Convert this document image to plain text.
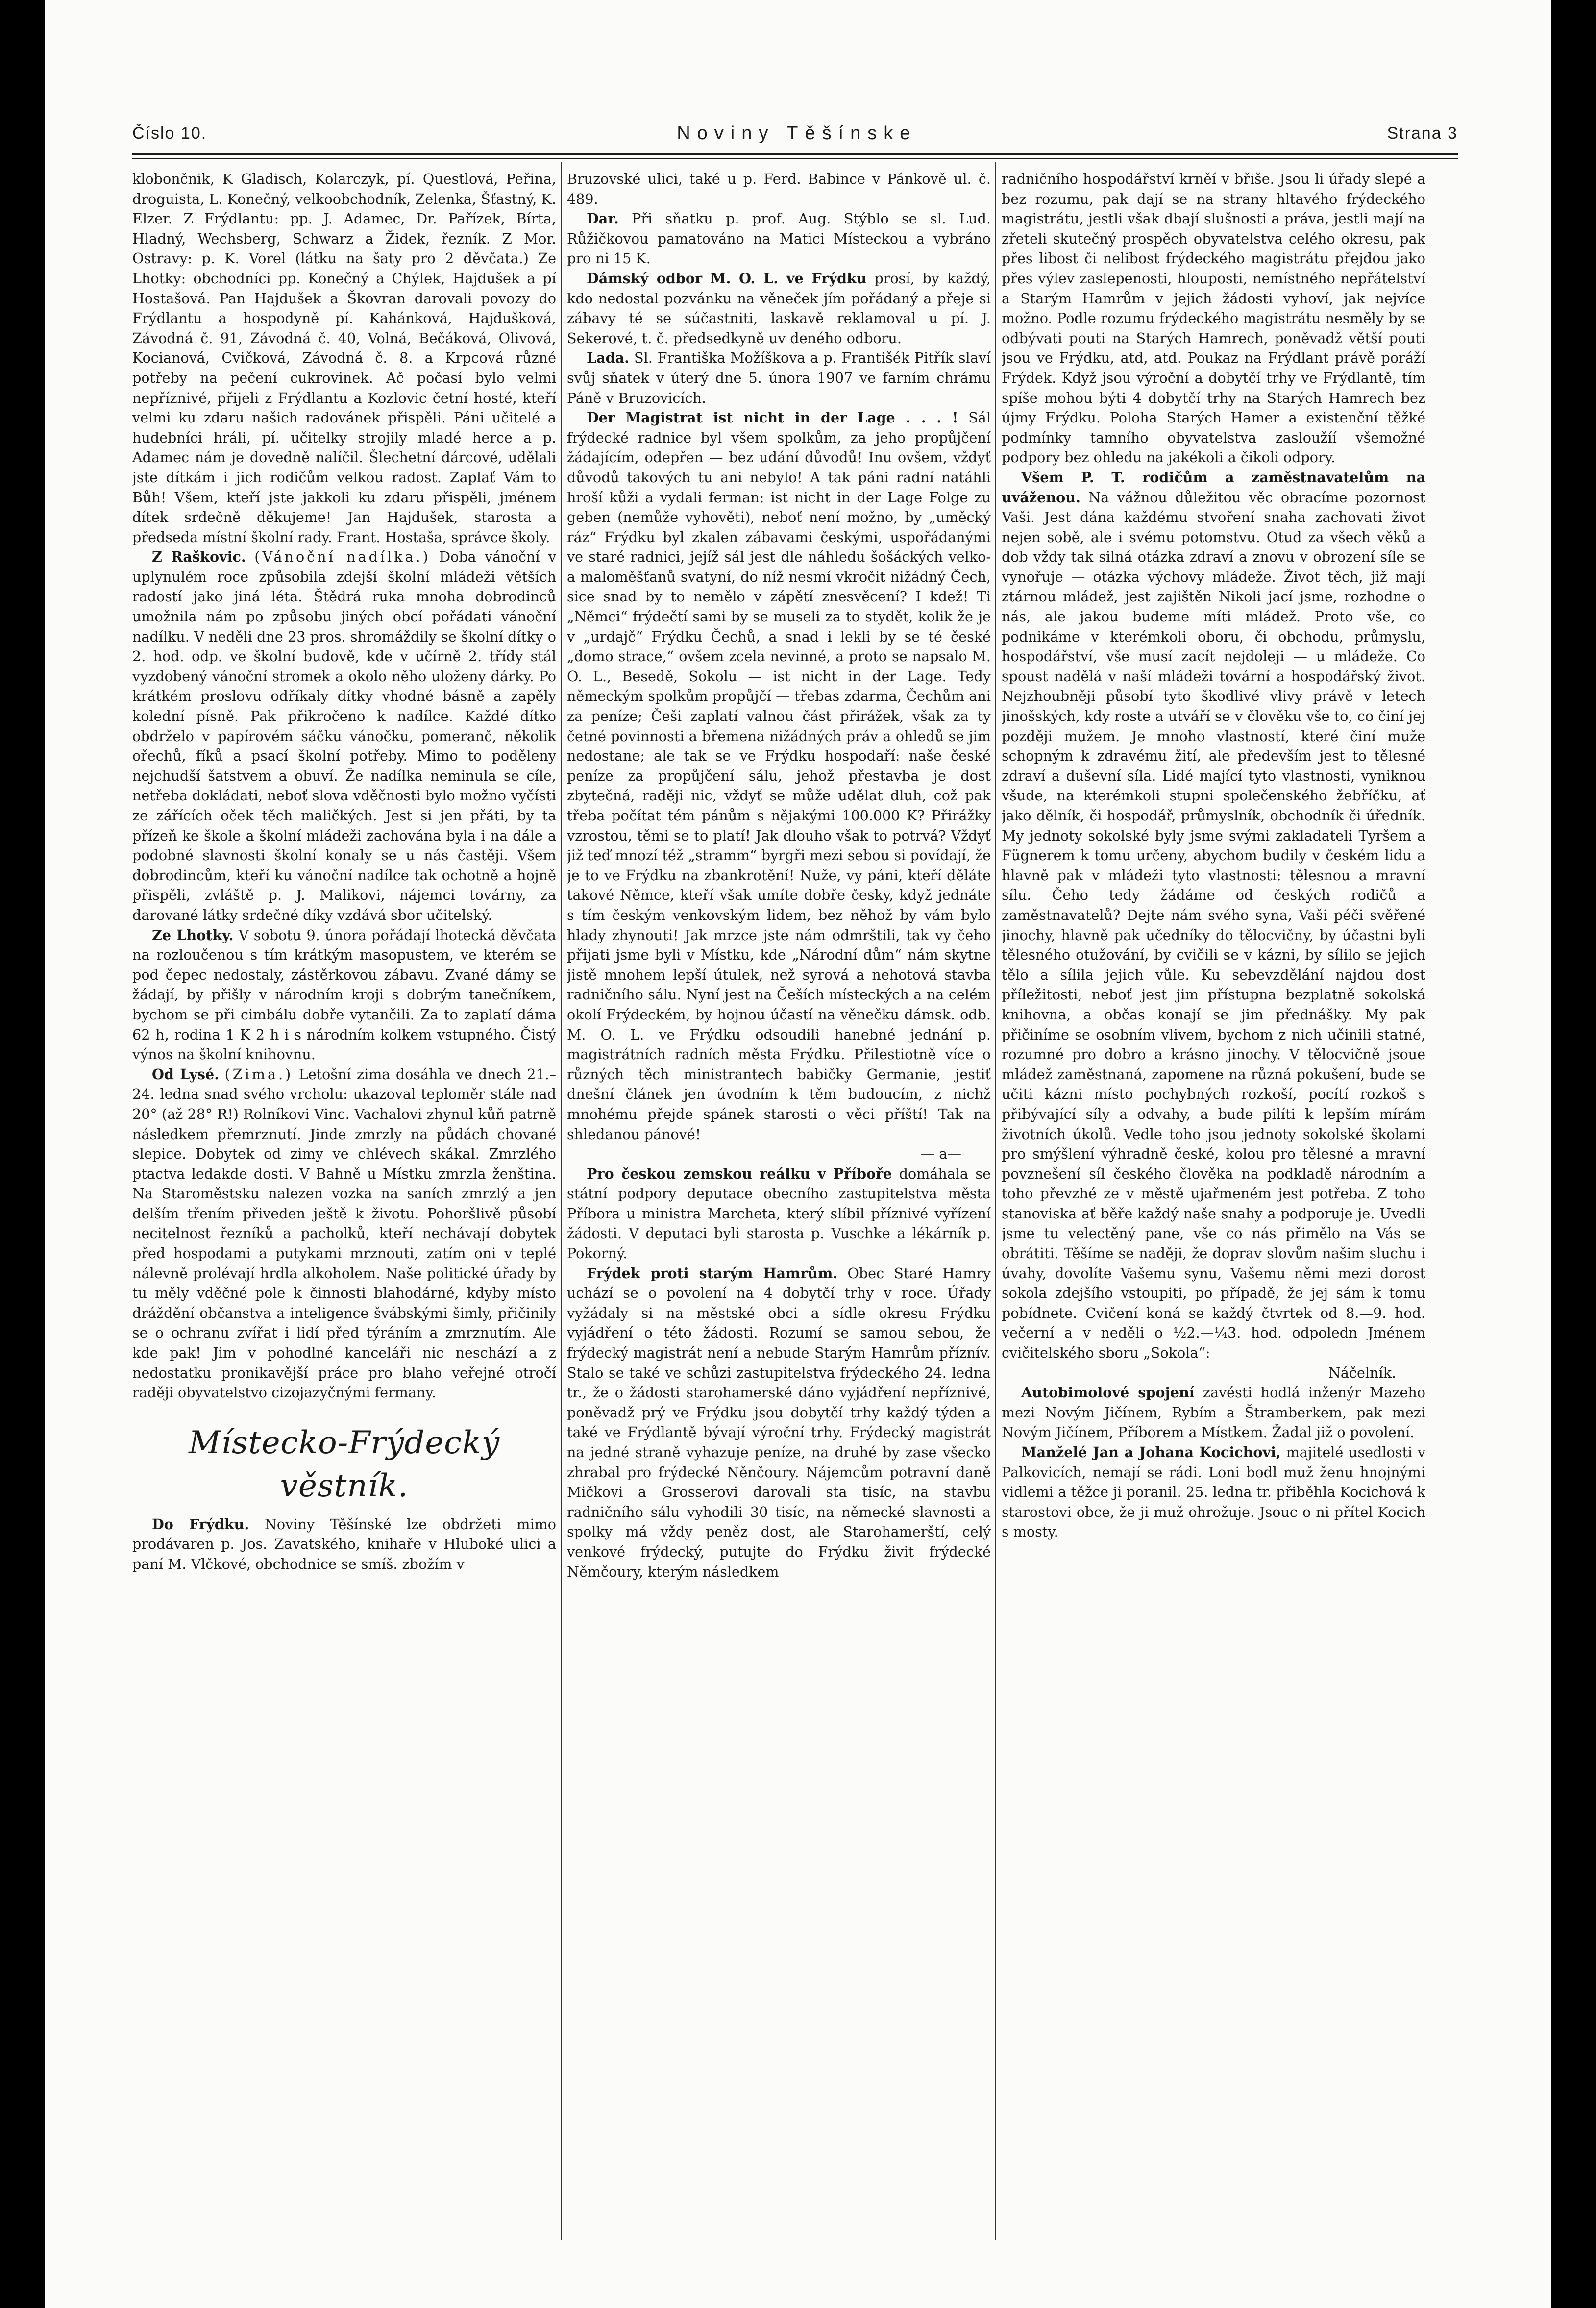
Číslo 10.	Noviny Těšínske	Strana 3

klobončnik, K Gladisch, Kolarczyk, pí. Questlová, Peřina, droguista, L. Konečný, velkoobchodník, Zelenka, Šťastný, K. Elzer. Z Frýdlantu: pp. J. Adamec, Dr. Pařízek, Bírta, Hladný, Wechsberg, Schwarz a Židek, řezník. Z Mor. Ostravy: p. K. Vorel (látku na šaty pro 2 děvčata.) Ze Lhotky: obchodníci pp. Konečný a Chýlek, Hajdušek a pí Hostašová. Pan Hajdušek a Škovran darovali povozy do Frýdlantu a hospodyně pí. Kahánková, Hajdušková, Závodná č. 91, Závodná č. 40, Volná, Bečáková, Olivová, Kocianová, Cvičková, Závodná č. 8. a Krpcová různé potřeby na pečení cukrovinek. Ač počasí bylo velmi nepříznivé, přijeli z Frýdlantu a Kozlovic četní hosté, kteří velmi ku zdaru našich radovánek přispěli. Páni učitelé a hudebníci hráli, pí. učitelky strojily mladé herce a p. Adamec nám je dovedně nalíčil. Šlechetní dárcové, udělali jste dítkám i jich rodičům velkou radost. Zaplať Vám to Bůh! Všem, kteří jste jakkoli ku zdaru přispěli, jménem dítek srdečně děkujeme! Jan Hajdušek, starosta a předseda místní školní rady. Frant. Hostaša, správce školy.

Z Raškovic. (Vánoční nadílka.) Doba vánoční v uplynulém roce způsobila zdejší školní mládeži větších radostí jako jiná léta. Štědrá ruka mnoha dobrodinců umožnila nám po způsobu jiných obcí pořádati vánoční nadílku. V neděli dne 23 pros. shromáždily se školní dítky o 2. hod. odp. ve školní budově, kde v učírně 2. třídy stál vyzdobený vánoční stromek a okolo něho uloženy dárky. Po krátkém proslovu odříkaly dítky vhodné básně a zapěly kolední písně. Pak přikročeno k nadílce. Každé dítko obdrželo v papírovém sáčku vánočku, pomeranč, několik ořechů, fíků a psací školní potřeby. Mimo to poděleny nejchudší šatstvem a obuví. Že nadílka neminula se cíle, netřeba dokládati, neboť slova vděčnosti bylo možno vyčísti ze zářících oček těch maličkých. Jest si jen přáti, by ta přízeň ke škole a školní mládeži zachována byla i na dále a podobné slavnosti školní konaly se u nás častěji. Všem dobrodincům, kteří ku vánoční nadílce tak ochotně a hojně přispěli, zvláště p. J. Malikovi, nájemci továrny, za darované látky srdečné díky vzdává sbor učitelský.

Ze Lhotky. V sobotu 9. února pořádají lhotecká děvčata na rozloučenou s tím krátkým masopustem, ve kterém se pod čepec nedostaly, zástěrkovou zábavu. Zvané dámy se žádají, by přišly v národním kroji s dobrým tanečníkem, bychom se při cimbálu dobře vytančili. Za to zaplatí dáma 62 h, rodina 1 K 2 h i s národním kolkem vstupného. Čistý výnos na školní knihovnu.

Od Lysé. (Zima.) Letošní zima dosáhla ve dnech 21.–24. ledna snad svého vrcholu: ukazoval teploměr stále nad 20° (až 28° R!) Rolníkovi Vinc. Vachalovi zhynul kůň patrně následkem přemrznutí. Jinde zmrzly na půdách chované slepice. Dobytek od zimy ve chlévech skákal. Zmrzlého ptactva ledakde dosti. V Bahně u Místku zmrzla ženština. Na Staroměstsku nalezen vozka na saních zmrzlý a jen delším třením přiveden ještě k životu. Pohoršlivě působí necitelnost řezníků a pacholků, kteří nechávají dobytek před hospodami a putykami mrznouti, zatím oni v teplé nálevně prolévají hrdla alkoholem. Naše politické úřady by tu měly vděčné pole k činnosti blahodárné, kdyby místo dráždění občanstva a inteligence švábskými šimly, přičinily se o ochranu zvířat i lidí před týráním a zmrznutím. Ale kde pak! Jim v pohodlné kanceláři nic neschází a z nedostatku pronikavější práce pro blaho veřejné otročí raději obyvatelstvo cizojazyčnými fermany.

Místecko-Frýdecký věstník.

Do Frýdku. Noviny Těšínské lze obdržeti mimo prodávaren p. Jos. Zavatského, knihaře v Hluboké ulici a paní M. Vlčkové, obchodnice se smíš. zbožím v

Bruzovské ulici, také u p. Ferd. Babince v Pánkově ul. č. 489.

Dar. Při sňatku p. prof. Aug. Stýblo se sl. Lud. Růžičkovou pamatováno na Matici Místeckou a vybráno pro ni 15 K.

Dámský odbor M. O. L. ve Frýdku prosí, by každý, kdo nedostal pozvánku na věneček jím pořádaný a přeje si zábavy té se súčastniti, laskavě reklamoval u pí. J. Sekerové, t. č. předsedkyně uv deného odboru.

Lada. Sl. Františka Možíškova a p. Františék Pitřík slaví svůj sňatek v úterý dne 5. února 1907 ve farním chrámu Páně v Bruzovicích.

Der Magistrat ist nicht in der Lage . . . ! Sál frýdecké radnice byl všem spolkům, za jeho propůjčení žádajícím, odepřen — bez udání důvodů! Inu ovšem, vždyť důvodů takových tu ani nebylo! A tak páni radní natáhli hroší kůži a vydali ferman: ist nicht in der Lage Folge zu geben (nemůže vyhověti), neboť není možno, by „uměcký ráz“ Frýdku byl zkalen zábavami českými, uspořádanými ve staré radnici, jejíž sál jest dle náhledu šošáckých velko- a maloměšťanů svatyní, do níž nesmí vkročit nižádný Čech, sice snad by to nemělo v zápětí znesvěcení? I kdež! Ti „Němci“ frýdečtí sami by se museli za to stydět, kolik že je v „urdajč“ Frýdku Čechů, a snad i lekli by se té české „domo strace,“ ovšem zcela nevinné, a proto se napsalo M. O. L., Besedě, Sokolu — ist nicht in der Lage. Tedy německým spolkům propůjčí — třebas zdarma, Čechům ani za peníze; Češi zaplatí valnou část přirážek, však za ty četné povinnosti a břemena nižádných práv a ohledů se jim nedostane; ale tak se ve Frýdku hospodaří: naše české peníze za propůjčení sálu, jehož přestavba je dost zbytečná, raději nic, vždyť se může udělat dluh, což pak třeba počítat tém pánům s nějakými 100.000 K? Přirážky vzrostou, těmi se to platí! Jak dlouho však to potrvá? Vždyť již teď mnozí též „stramm“ byrgři mezi sebou si povídají, že je to ve Frýdku na zbankrotění! Nuže, vy páni, kteří děláte takové Němce, kteří však umíte dobře česky, když jednáte s tím českým venkovským lidem, bez něhož by vám bylo hlady zhynouti! Jak mrzce jste nám odmrštili, tak vy čeho přijati jsme byli v Místku, kde „Národní dům“ nám skytne jistě mnohem lepší útulek, než syrová a nehotová stavba radničního sálu. Nyní jest na Češích místeckých a na celém okolí Frýdeckém, by hojnou účastí na věnečku dámsk. odb. M. O. L. ve Frýdku odsoudili hanebné jednání p. magistrátních radních města Frýdku. Přilestiotně více o různých těch ministrantech babičky Germanie, jestiť dnešní článek jen úvodním k těm budoucím, z nichž mnohému přejde spánek starosti o věci příští! Tak na shledanou pánové!

— a—

Pro českou zemskou reálku v Příboře domáhala se státní podpory deputace obecního zastupitelstva města Příbora u ministra Marcheta, který slíbil příznivé vyřízení žádosti. V deputaci byli starosta p. Vuschke a lékárník p. Pokorný.

Frýdek proti starým Hamrům. Obec Staré Hamry uchází se o povolení na 4 dobytčí trhy v roce. Úřady vyžádaly si na městské obci a sídle okresu Frýdku vyjádření o této žádosti. Rozumí se samou sebou, že frýdecký magistrát není a nebude Starým Hamrům příznív. Stalo se také ve schůzi zastupitelstva frýdeckého 24. ledna tr., že o žádosti starohamerské dáno vyjádření nepříznivé, poněvadž prý ve Frýdku jsou dobytčí trhy každý týden a také ve Frýdlantě bývají výroční trhy. Frýdecký magistrát na jedné straně vyhazuje peníze, na druhé by zase všecko zhrabal pro frýdecké Něnčoury. Nájemcům potravní daně Mičkovi a Grosserovi darovali sta tisíc, na stavbu radničního sálu vyhodili 30 tisíc, na německé slavnosti a spolky má vždy peněz dost, ale Starohamerští, celý venkové frýdecký, putujte do Frýdku živit frýdecké Němčoury, kterým následkem

radničního hospodářství krněí v břiše. Jsou li úřady slepé a bez rozumu, pak dají se na strany hltavého frýdeckého magistrátu, jestli však dbají slušnosti a práva, jestli mají na zřeteli skutečný prospěch obyvatelstva celého okresu, pak přes libost či nelibost frýdeckého magistrátu přejdou jako přes výlev zaslepenosti, hlouposti, nemístného nepřátelství a Starým Hamrům v jejich žádosti vyhoví, jak nejvíce možno. Podle rozumu frýdeckého magistrátu nesměly by se odbývati pouti na Starých Hamrech, poněvadž větší pouti jsou ve Frýdku, atd, atd. Poukaz na Frýdlant právě poráží Frýdek. Když jsou výroční a dobytčí trhy ve Frýdlantě, tím spíše mohou býti 4 dobytčí trhy na Starých Hamrech bez újmy Frýdku. Poloha Starých Hamer a existenční těžké podmínky tamního obyvatelstva zasloužíí všemožné podpory bez ohledu na jakékoli a čikoli odpory.

Všem P. T. rodičům a zaměstnavatelům na uváženou. Na vážnou důležitou věc obracíme pozornost Vaši. Jest dána každému stvoření snaha zachovati život nejen sobě, ale i svému potomstvu. Otud za všech věků a dob vždy tak silná otázka zdraví a znovu v obrození síle se vynořuje — otázka výchovy mládeže. Život těch, již mají ztárnou mládež, jest zajištěn Nikoli jací jsme, rozhodne o nás, ale jakou budeme míti mládež. Proto vše, co podnikáme v kterémkoli oboru, či obchodu, průmyslu, hospodářství, vše musí zacít nejdoleji — u mládeže. Co spoust nadělá v naší mládeži tovární a hospodářský život. Nejzhoubněji působí tyto škodlivé vlivy právě v letech jinošských, kdy roste a utváří se v člověku vše to, co činí jej později mužem. Je mnoho vlastností, které činí muže schopným k zdravému žití, ale především jest to tělesné zdraví a duševní síla. Lidé mající tyto vlastnosti, vyniknou všude, na kterémkoli stupni společenského žebříčku, ať jako dělník, či hospodář, průmyslník, obchodník či úředník. My jednoty sokolské byly jsme svými zakladateli Tyršem a Fügnerem k tomu určeny, abychom budily v českém lidu a hlavně pak v mládeži tyto vlastnosti: tělesnou a mravní sílu. Čeho tedy žádáme od českých rodičů a zaměstnavatelů? Dejte nám svého syna, Vaši péči svěřené jinochy, hlavně pak učedníky do tělocvičny, by účastni byli tělesného otužování, by cvičili se v kázni, by sílilo se jejich tělo a sílila jejich vůle. Ku sebevzdělání najdou dost příležitosti, neboť jest jim přístupna bezplatně sokolská knihovna, a občas konají se jim přednášky. My pak přičiníme se osobním vlivem, bychom z nich učinili statné, rozumné pro dobro a krásno jinochy. V tělocvičně jsoue mládež zaměstnaná, zapomene na různá pokušení, bude se učiti kázni místo pochybných rozkoší, pocítí rozkoš s přibývající síly a odvahy, a bude pilíti k lepším mírám životních úkolů. Vedle toho jsou jednoty sokolské školami pro smýšlení výhradně české, kolou pro tělesné a mravní povznešení síl českého člověka na podkladě národním a toho převzhé ze v městě ujařmeném jest potřeba. Z toho stanoviska ať běře každý naše snahy a podporuje je. Uvedli jsme tu velectěný pane, vše co nás přimělo na Vás se obrátiti. Těšíme se naději, že doprav slovům našim sluchu i úvahy, dovolíte Vašemu synu, Vašemu němi mezi dorost sokola zdejšího vstoupiti, po případě, že jej sám k tomu pobídnete. Cvičení koná se každý čtvrtek od 8.—9. hod. večerní a v neděli o ½2.—¼3. hod. odpoledn Jménem cvičitelského sboru „Sokola“:

Náčelník.

Autobimolové spojení zavésti hodlá inženýr Mazeho mezi Novým Jičínem, Rybím a Štramberkem, pak mezi Novým Jičínem, Příborem a Místkem. Žadal již o povolení.

Manželé Jan a Johana Kocichovi, majitelé usedlosti v Palkovicích, nemají se rádi. Loni bodl muž ženu hnojnými vidlemi a těžce ji poranil. 25. ledna tr. přiběhla Kocichová k starostovi obce, že ji muž ohrožuje. Jsouc o ni přítel Kocich s mosty.
